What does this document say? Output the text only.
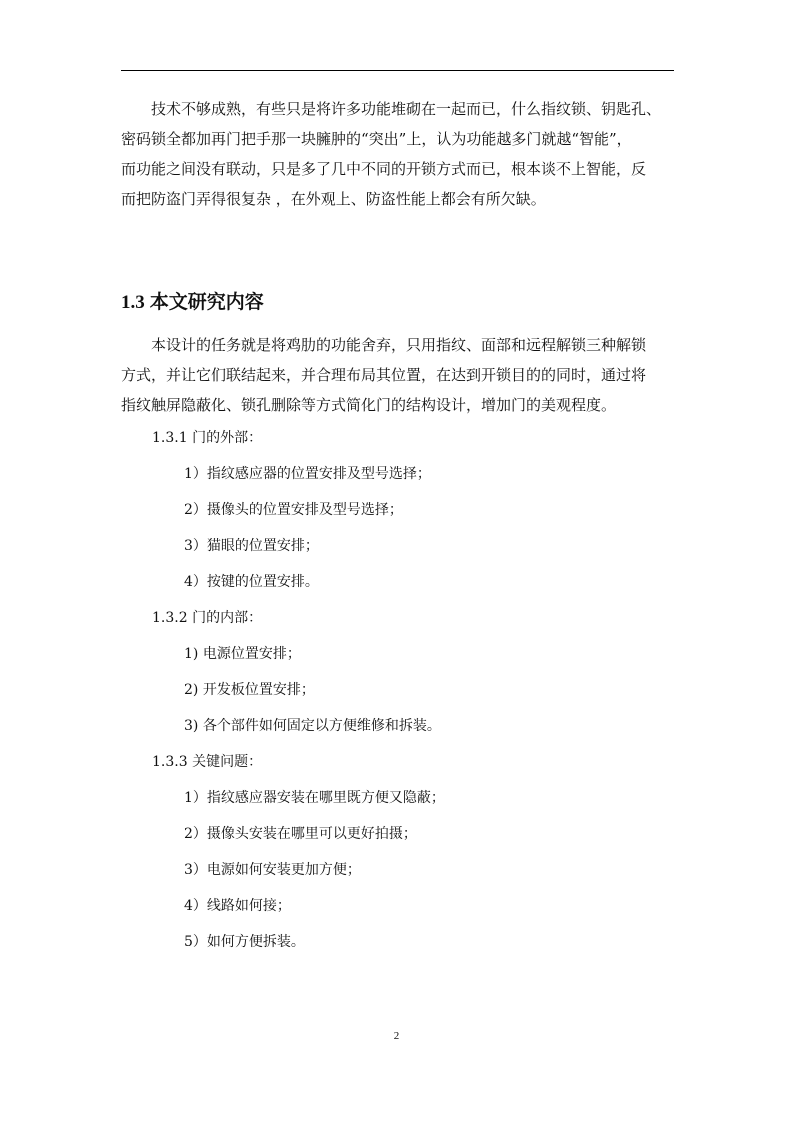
技术不够成熟，有些只是将许多功能堆砌在一起而已，什么指纹锁、钥匙孔、
密码锁全都加再门把手那一块臃肿的“突出”上，认为功能越多门就越“智能”，
而功能之间没有联动，只是多了几中不同的开锁方式而已，根本谈不上智能，反
而把防盗门弄得很复杂 ，在外观上、防盗性能上都会有所欠缺。
1.3 本文研究内容
本设计的任务就是将鸡肋的功能舍弃，只用指纹、面部和远程解锁三种解锁
方式，并让它们联结起来，并合理布局其位置，在达到开锁目的的同时，通过将
指纹触屏隐蔽化、锁孔删除等方式简化门的结构设计，增加门的美观程度。
1.3.1 门的外部：
1）指纹感应器的位置安排及型号选择；
2）摄像头的位置安排及型号选择；
3）猫眼的位置安排；
4）按键的位置安排。
1.3.2 门的内部：
1) 电源位置安排；
2) 开发板位置安排；
3) 各个部件如何固定以方便维修和拆装。
1.3.3 关键问题：
1）指纹感应器安装在哪里既方便又隐蔽；
2）摄像头安装在哪里可以更好拍摄；
3）电源如何安装更加方便；
4）线路如何接；
5）如何方便拆装。
2
